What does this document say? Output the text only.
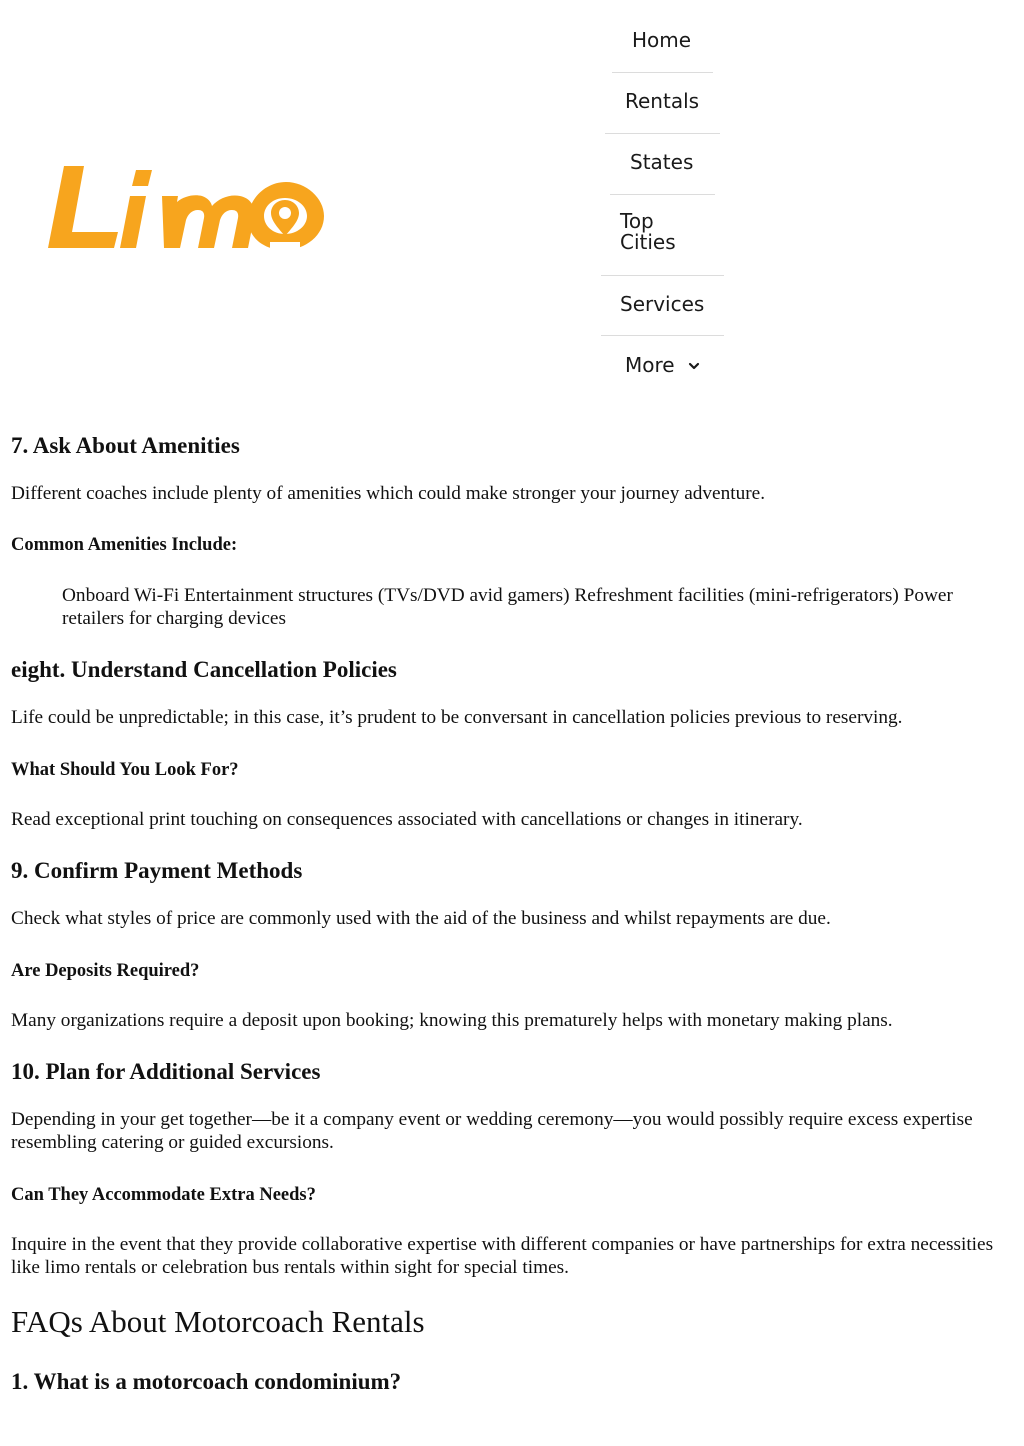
Home
Rentals
States
Top
Cities
Services
More
7. Ask About Amenities

Different coaches include plenty of amenities which could make stronger your journey adventure.

Common Amenities Include:
Onboard Wi-Fi Entertainment structures (TVs/DVD avid gamers) Refreshment facilities (mini-refrigerators) Power retailers for charging devices
eight. Understand Cancellation Policies

Life could be unpredictable; in this case, it’s prudent to be conversant in cancellation policies previous to reserving.

What Should You Look For?

Read exceptional print touching on consequences associated with cancellations or changes in itinerary.

9. Confirm Payment Methods

Check what styles of price are commonly used with the aid of the business and whilst repayments are due.

Are Deposits Required?

Many organizations require a deposit upon booking; knowing this prematurely helps with monetary making plans.

10. Plan for Additional Services

Depending in your get together—be it a company event or wedding ceremony—you would possibly require excess expertise resembling catering or guided excursions.

Can They Accommodate Extra Needs?

Inquire in the event that they provide collaborative expertise with different companies or have partnerships for extra necessities like limo rentals or celebration bus rentals within sight for special times.

FAQs About Motorcoach Rentals
1. What is a motorcoach condominium?
